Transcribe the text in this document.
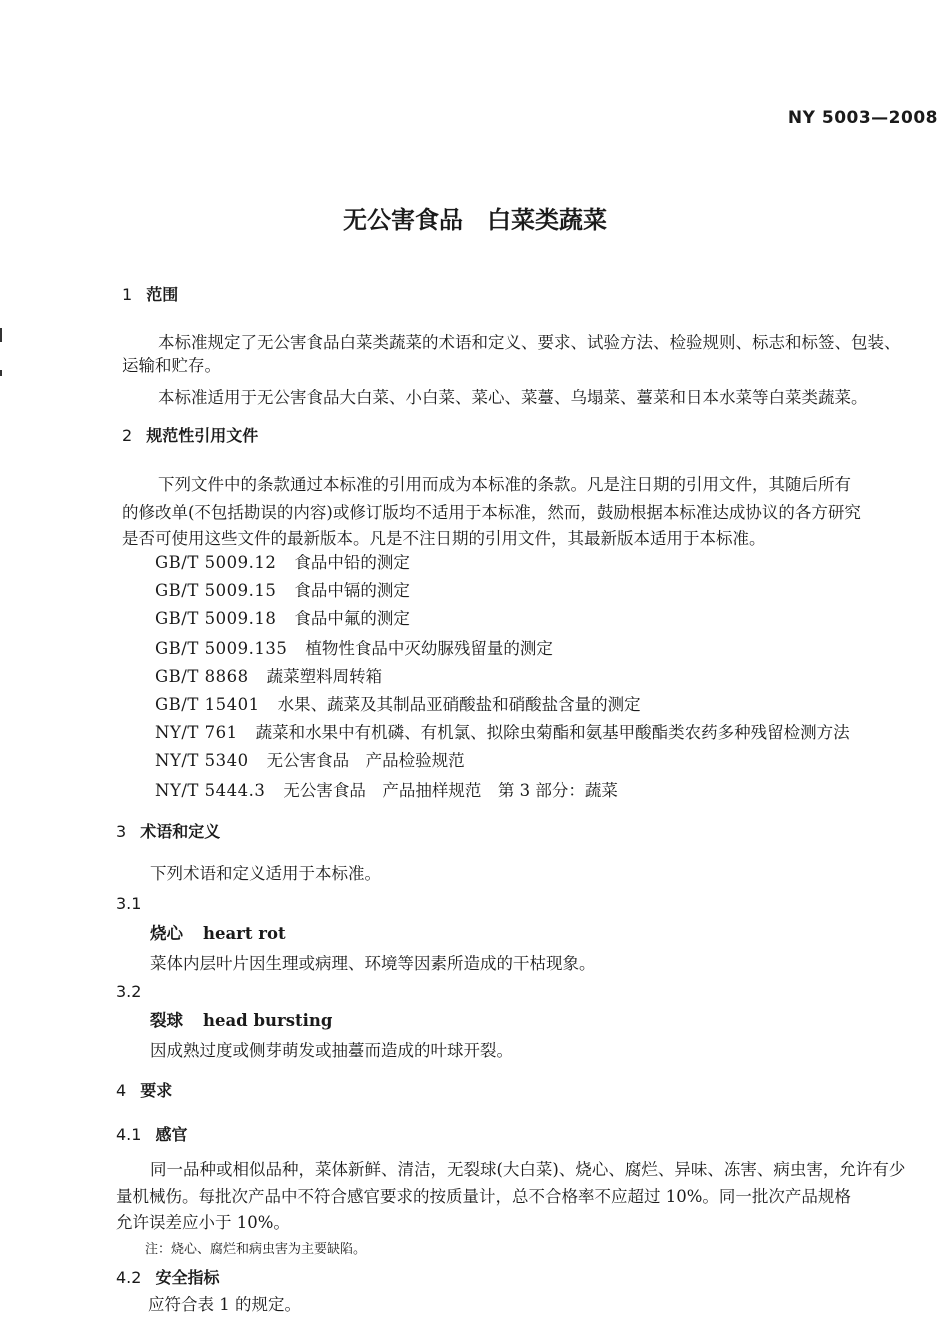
NY 5003—2008
无公害食品　白菜类蔬菜
1 范围
本标准规定了无公害食品白菜类蔬菜的术语和定义、要求、试验方法、检验规则、标志和标签、包装、
运输和贮存。
本标准适用于无公害食品大白菜、小白菜、菜心、菜薹、乌塌菜、薹菜和日本水菜等白菜类蔬菜。
2 规范性引用文件
下列文件中的条款通过本标准的引用而成为本标准的条款。凡是注日期的引用文件，其随后所有
的修改单(不包括勘误的内容)或修订版均不适用于本标准，然而，鼓励根据本标准达成协议的各方研究
是否可使用这些文件的最新版本。凡是不注日期的引用文件，其最新版本适用于本标准。
GB/T 5009.12 食品中铅的测定
GB/T 5009.15 食品中镉的测定
GB/T 5009.18 食品中氟的测定
GB/T 5009.135 植物性食品中灭幼脲残留量的测定
GB/T 8868 蔬菜塑料周转箱
GB/T 15401 水果、蔬菜及其制品亚硝酸盐和硝酸盐含量的测定
NY/T 761 蔬菜和水果中有机磷、有机氯、拟除虫菊酯和氨基甲酸酯类农药多种残留检测方法
NY/T 5340 无公害食品　产品检验规范
NY/T 5444.3 无公害食品　产品抽样规范　第 3 部分：蔬菜
3 术语和定义
下列术语和定义适用于本标准。
3.1
烧心 heart rot
菜体内层叶片因生理或病理、环境等因素所造成的干枯现象。
3.2
裂球 head bursting
因成熟过度或侧芽萌发或抽薹而造成的叶球开裂。
4 要求
4.1 感官
同一品种或相似品种，菜体新鲜、清洁，无裂球(大白菜)、烧心、腐烂、异味、冻害、病虫害，允许有少
量机械伤。每批次产品中不符合感官要求的按质量计，总不合格率不应超过 10%。同一批次产品规格
允许误差应小于 10%。
注：烧心、腐烂和病虫害为主要缺陷。
4.2 安全指标
应符合表 1 的规定。
